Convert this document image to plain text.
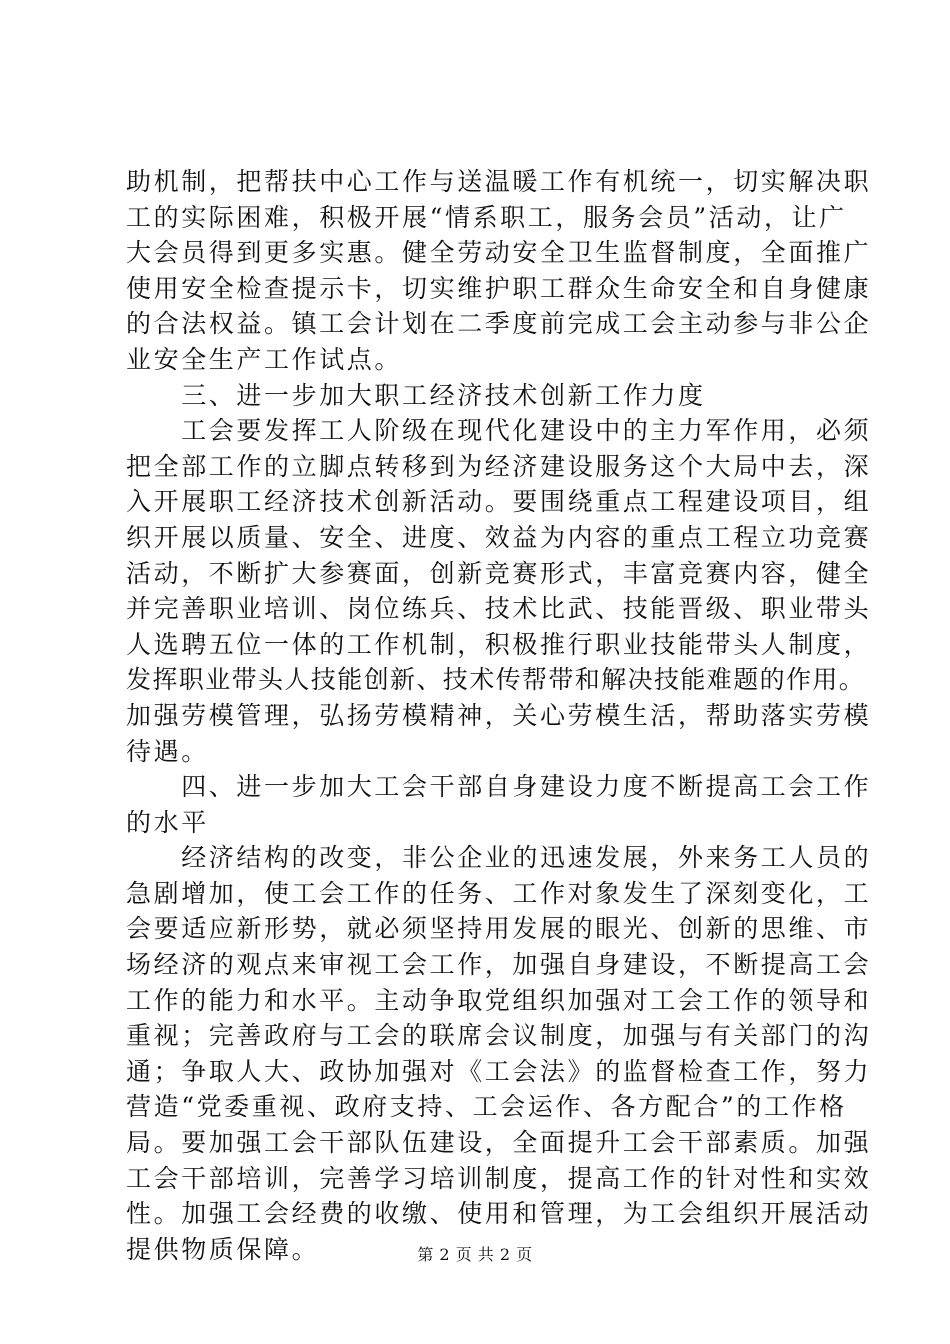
助机制，把帮扶中心工作与送温暖工作有机统一，切实解决职
工的实际困难，积极开展“情系职工，服务会员”活动，让广
大会员得到更多实惠。健全劳动安全卫生监督制度，全面推广
使用安全检查提示卡，切实维护职工群众生命安全和自身健康
的合法权益。镇工会计划在二季度前完成工会主动参与非公企
业安全生产工作试点。
　　三、进一步加大职工经济技术创新工作力度
　　工会要发挥工人阶级在现代化建设中的主力军作用，必须
把全部工作的立脚点转移到为经济建设服务这个大局中去，深
入开展职工经济技术创新活动。要围绕重点工程建设项目，组
织开展以质量、安全、进度、效益为内容的重点工程立功竞赛
活动，不断扩大参赛面，创新竞赛形式，丰富竞赛内容，健全
并完善职业培训、岗位练兵、技术比武、技能晋级、职业带头
人选聘五位一体的工作机制，积极推行职业技能带头人制度，
发挥职业带头人技能创新、技术传帮带和解决技能难题的作用。
加强劳模管理，弘扬劳模精神，关心劳模生活，帮助落实劳模
待遇。
　　四、进一步加大工会干部自身建设力度不断提高工会工作
的水平
　　经济结构的改变，非公企业的迅速发展，外来务工人员的
急剧增加，使工会工作的任务、工作对象发生了深刻变化，工
会要适应新形势，就必须坚持用发展的眼光、创新的思维、市
场经济的观点来审视工会工作，加强自身建设，不断提高工会
工作的能力和水平。主动争取党组织加强对工会工作的领导和
重视；完善政府与工会的联席会议制度，加强与有关部门的沟
通；争取人大、政协加强对《工会法》的监督检查工作，努力
营造“党委重视、政府支持、工会运作、各方配合”的工作格
局。要加强工会干部队伍建设，全面提升工会干部素质。加强
工会干部培训，完善学习培训制度，提高工作的针对性和实效
性。加强工会经费的收缴、使用和管理，为工会组织开展活动
提供物质保障。	第 2 页 共 2 页
